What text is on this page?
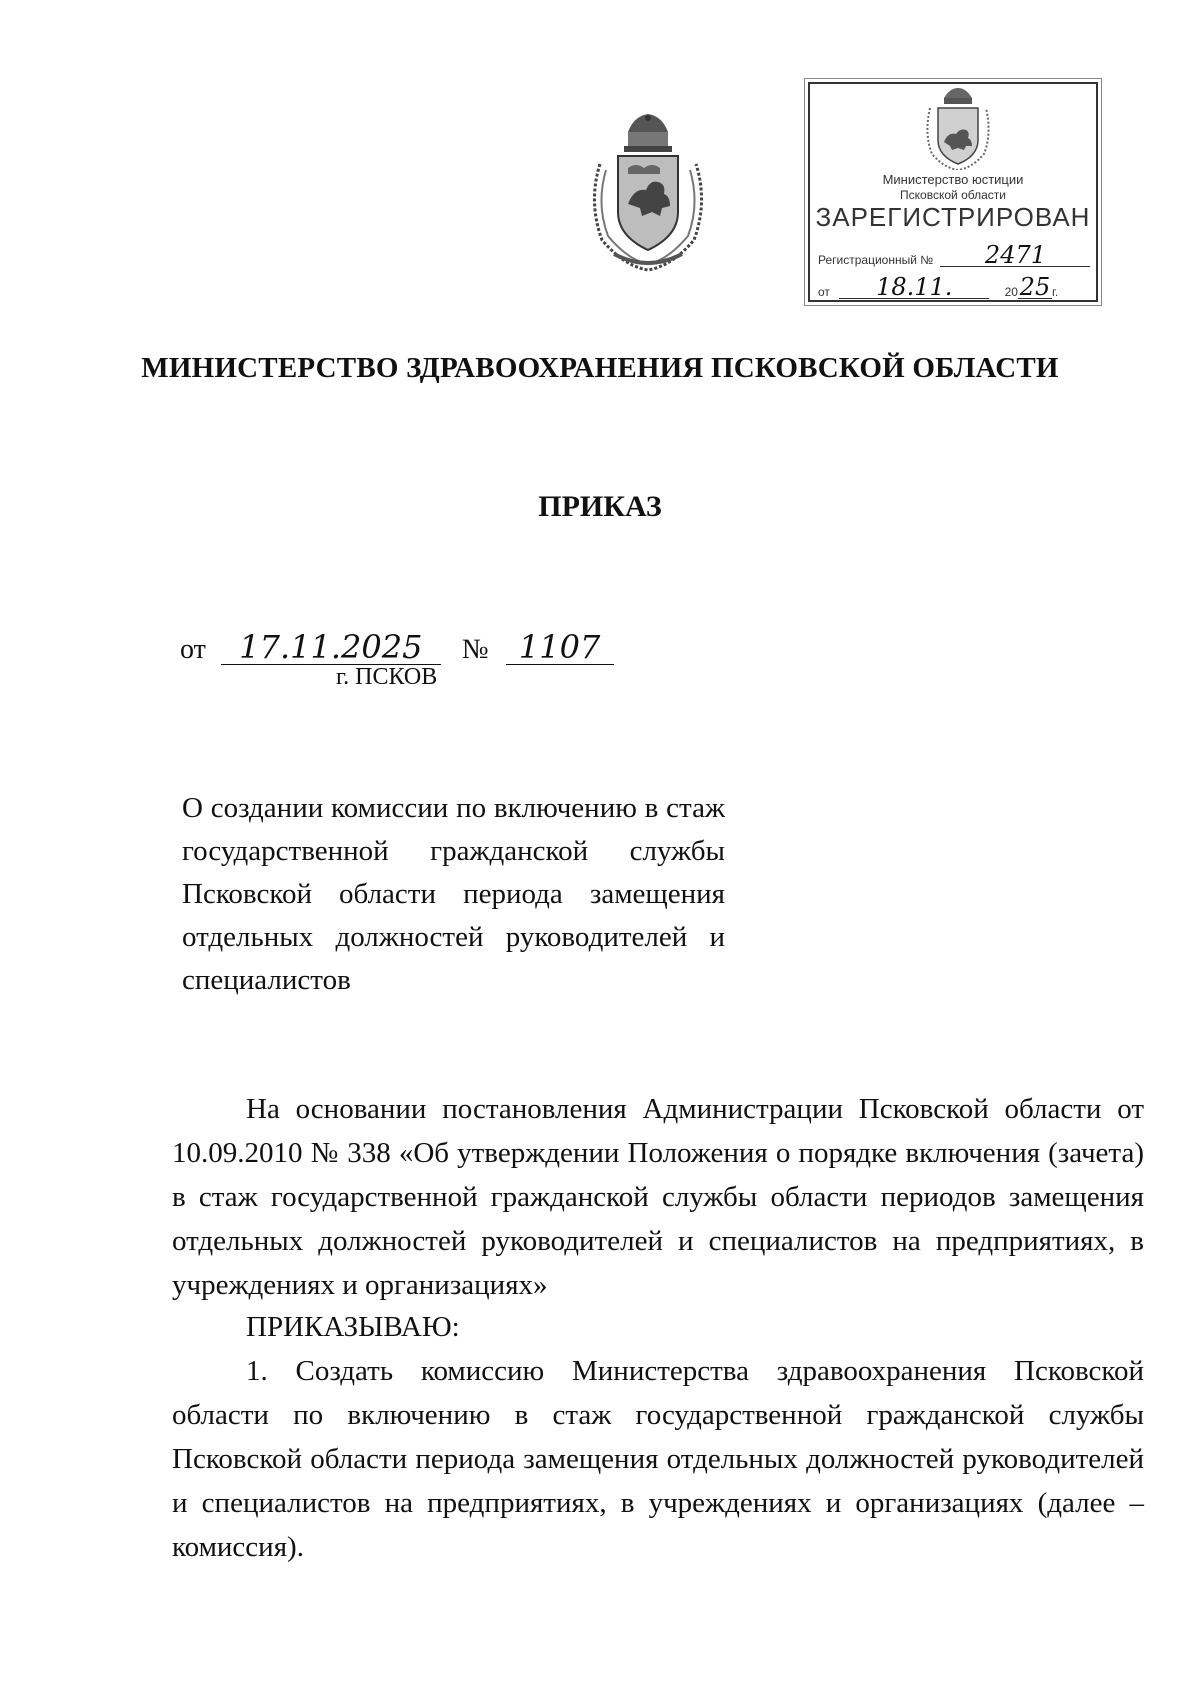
Министерство юстиции
Псковской области
ЗАРЕГИСТРИРОВАН
Регистрационный № 2471
от 18.11.	2025 г.
МИНИСТЕРСТВО ЗДРАВООХРАНЕНИЯ ПСКОВСКОЙ ОБЛАСТИ
ПРИКАЗ
от 17.11.2025 № 1107
г. ПСКОВ
О создании комиссии по включению в стаж государственной гражданской службы Псковской области периода замещения отдельных должностей руководителей и специалистов
На основании постановления Администрации Псковской области от 10.09.2010 № 338 «Об утверждении Положения о порядке включения (зачета) в стаж государственной гражданской службы области периодов замещения отдельных должностей руководителей и специалистов на предприятиях, в учреждениях и организациях»
ПРИКАЗЫВАЮ:
1. Создать комиссию Министерства здравоохранения Псковской области по включению в стаж государственной гражданской службы Псковской области периода замещения отдельных должностей руководителей и специалистов на предприятиях, в учреждениях и организациях (далее – комиссия).
